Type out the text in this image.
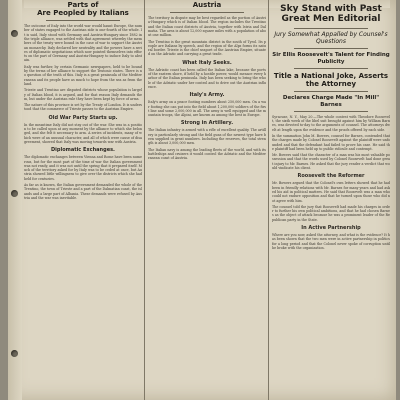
Parts of

Are Peopled by Italians

The outcome of Italy into the world war would haunt Europe, the number of states engaged to the Austrian side is one-fourth of the whole. It is said, Italy stood with Germany and Austria-Hungary since 1882 in the triple alliance, was settled with that agreement whereby the members of the treaty were bound in the case of war to support the Austrian monarchy. Italy declared her neutrality and the powers have a series of diplomatic negotiations which now pointed themselves into efforts on the part of Germany and Austria-Hungary to induce Italy to abstain.

Italy was further, by certain Germanic newspapers, held to be bound by the terms of her alliance to support the Teutonic states. There is no question of the truth of this. Italy is a great peninsula of the Mediterranean and its people have as much to hope from the sea as from the land.

Trieste and Trentino are disputed districts whose population is largely of Italian blood, it is argued, and for that reason Italy demands them, but under the Austrian rule they have been kept by force of arms.

The nature of this province is set by the Treaty of London. It is understood that the commerce of Trieste passes to the Austrian Empire.

Old War Party Starts up.

In the meantime Italy did not stay out of the war. She was in a position to be called upon at any moment by the alliance to which she belonged, and she felt it necessary to arm. A series of incidents, many of which were of an unusual character, and all of which were cause of disagreement, showed that Italy was moving towards war with Austria.

Diplomatic Exchanges.

The diplomatic exchanges between Vienna and Rome have been numerous, but for the most part of the time of war the Italian government was not ready, and it was not until the spring that it prepared itself. Much of the territory asked for by Italy was to be ceded at once, but Austria showed little willingness to give over the districts which she had held for centuries.

As far as is known, the Italian government demanded the whole of the Trentino, the town of Trieste and a part of the Dalmatian coast, the islands and a large part of Albania. These demands were refused by Austria and the war was inevitable.

Austria

The territory in dispute may be best regarded as the portion of Austria-Hungary which is of Italian blood. The region includes the Trentino and the Italian coast districts of Austria, together with Istria and Dalmatia. The area is about 12,000 square miles with a population of about one million.

The Trentino is the great mountain district in the south of Tyrol. Its people are Italians by speech, and the region of the Alps forms its natural border. Trieste is the chief seaport of the Austrian Empire, situated on the Adriatic and carrying a great trade.

What Italy Seeks.

The Adriatic coast has been called the Italian lake, because the ports of the eastern shore, if held by a hostile power, would menace every harbor of the Italian peninsula. Italy has been seeking to bring the whole of the Adriatic under her control and to drive out the Austrian influence.

Italy's Army.

Italy's army on a peace footing numbers about 250,000 men. On a war footing she can put into the field about 1,200,000 soldiers of the first line and some 2,000,000 in all. The army is well equipped and the mountain troops, the Alpini, are known as among the best in Europe.

Strong in Artillery.

The Italian infantry is armed with a rifle of excellent quality. The artillery is particularly strong and the field guns of the newest type have been supplied in great numbers. Including the reserves, the total strength is about 3,000,000 men.

The Italian navy is among the leading fleets of the world, and with its battleships and cruisers it would control the Adriatic and the Mediterranean coast of Austria.

Sky Stand with Past Great Men Editorial

Jury Somewhat Appalled by Counsel's Questions

Sir Ellis Roosevelt's Talent for Finding Publicity

Title a National Joke, Asserts the Attorney

Declares Charge Made "In Mill" Barnes

Syracuse, N. Y., May 20.—The whole contest with Theodore Roosevelt, the sixth week of the libel suit brought against him by William Barnes, was devoted to-day to the arguments of counsel. The attorneys dwelt at length upon the evidence and the proofs offered by each side.

In the summation John M. Bowers, counsel for Barnes, contended that the charges made by Colonel Roosevelt against the plaintiff were unfounded and that the defendant had failed to prove his case. He said the plaintiff had been held up to public ridicule and contempt.

Mr. Bowers said that the character of a man was his most valuable possession and that the words used by Colonel Roosevelt had done great injury to Mr. Barnes. He asked that the jury render a verdict that would vindicate his client.

Roosevelt the Reformer

Mr. Bowers argued that the Colonel's own letters showed that he had been in friendly relations with Mr. Barnes for many years and had asked his aid in political matters. He said that Roosevelt was a man who could not endure opposition and that he turned upon those who did not agree with him.

The counsel told the jury that Roosevelt had made his charges in order to further his own political ambitions, and that he had chosen Barnes as the object of attack because he was a prominent leader of the Republican party in the State.

In Active Partnership

Where are you now, asked the attorney, and what is the evidence? It has been shown that the two men were in active partnership in politics for a long period and that the Colonel never spoke of corruption until he broke with the organization.
